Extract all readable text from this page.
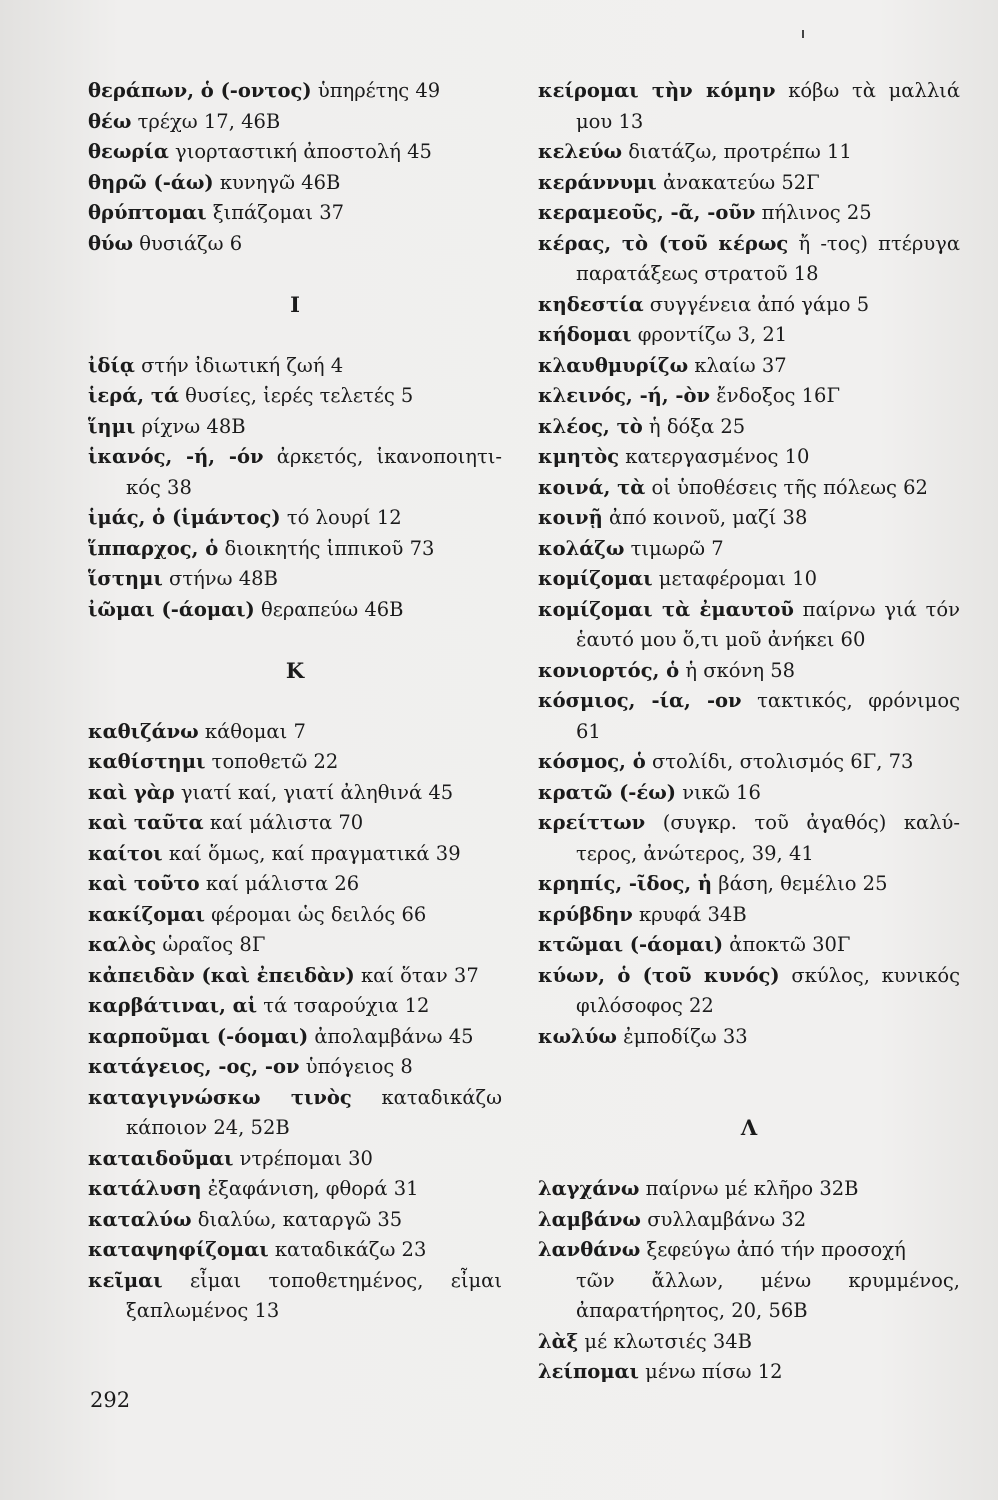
θεράπων, ὁ (-οντος) ὑπηρέτης 49
θέω τρέχω 17, 46Β
θεωρία γιορταστική ἀποστολή 45
θηρῶ (-άω) κυνηγῶ 46Β
θρύπτομαι ξιπάζομαι 37
θύω θυσιάζω 6
Ι
ἰδίᾳ στήν ἰδιωτική ζωή 4
ἱερά, τά θυσίες, ἱερές τελετές 5
ἵημι ρίχνω 48Β
ἱκανός, -ή, -όν ἀρκετός, ἱκανοποιητι-
κός 38
ἱμάς, ὁ (ἱμάντος) τό λουρί 12
ἵππαρχος, ὁ διοικητής ἱππικοῦ 73
ἵστημι στήνω 48Β
ἰῶμαι (-άομαι) θεραπεύω 46Β
Κ
καθιζάνω κάθομαι 7
καθίστημι τοποθετῶ 22
καὶ γὰρ γιατί καί, γιατί ἀληθινά 45
καὶ ταῦτα καί μάλιστα 70
καίτοι καί ὅμως, καί πραγματικά 39
καὶ τοῦτο καί μάλιστα 26
κακίζομαι φέρομαι ὡς δειλός 66
καλὸς ὡραῖος 8Γ
κἀπειδὰν (καὶ ἐπειδὰν) καί ὅταν 37
καρβάτιναι, αἱ τά τσαρούχια 12
καρποῦμαι (-όομαι) ἀπολαμβάνω 45
κατάγειος, -ος, -ον ὑπόγειος 8
καταγιγνώσκω τινὸς καταδικάζω
κάποιον 24, 52Β
καταιδοῦμαι ντρέπομαι 30
κατάλυση ἐξαφάνιση, φθορά 31
καταλύω διαλύω, καταργῶ 35
καταψηφίζομαι καταδικάζω 23
κεῖμαι εἶμαι τοποθετημένος, εἶμαι
ξαπλωμένος 13
κείρομαι τὴν κόμην κόβω τὰ μαλλιά
μου 13
κελεύω διατάζω, προτρέπω 11
κεράννυμι ἀνακατεύω 52Γ
κεραμεοῦς, -ᾶ, -οῦν πήλινος 25
κέρας, τὸ (τοῦ κέρως ἤ -τος) πτέρυγα
παρατάξεως στρατοῦ 18
κηδεστία συγγένεια ἀπό γάμο 5
κήδομαι φροντίζω 3, 21
κλαυθμυρίζω κλαίω 37
κλεινός, -ή, -ὸν ἔνδοξος 16Γ
κλέος, τὸ ἡ δόξα 25
κμητὸς κατεργασμένος 10
κοινά, τὰ οἱ ὑποθέσεις τῆς πόλεως 62
κοινῇ ἀπό κοινοῦ, μαζί 38
κολάζω τιμωρῶ 7
κομίζομαι μεταφέρομαι 10
κομίζομαι τὰ ἐμαυτοῦ παίρνω γιά τόν
ἑαυτό μου ὅ,τι μοῦ ἀνήκει 60
κονιορτός, ὁ ἡ σκόνη 58
κόσμιος, -ία, -ον τακτικός, φρόνιμος
61
κόσμος, ὁ στολίδι, στολισμός 6Γ, 73
κρατῶ (-έω) νικῶ 16
κρείττων (συγκρ. τοῦ ἀγαθός) καλύ-
τερος, ἀνώτερος, 39, 41
κρηπίς, -ῖδος, ἡ βάση, θεμέλιο 25
κρύβδην κρυφά 34Β
κτῶμαι (-άομαι) ἀποκτῶ 30Γ
κύων, ὁ (τοῦ κυνός) σκύλος, κυνικός
φιλόσοφος 22
κωλύω ἐμποδίζω 33
Λ
λαγχάνω παίρνω μέ κλῆρο 32Β
λαμβάνω συλλαμβάνω 32
λανθάνω ξεφεύγω ἀπό τήν προσοχή
τῶν ἄλλων, μένω κρυμμένος,
ἀπαρατήρητος, 20, 56Β
λὰξ μέ κλωτσιές 34Β
λείπομαι μένω πίσω 12
292
